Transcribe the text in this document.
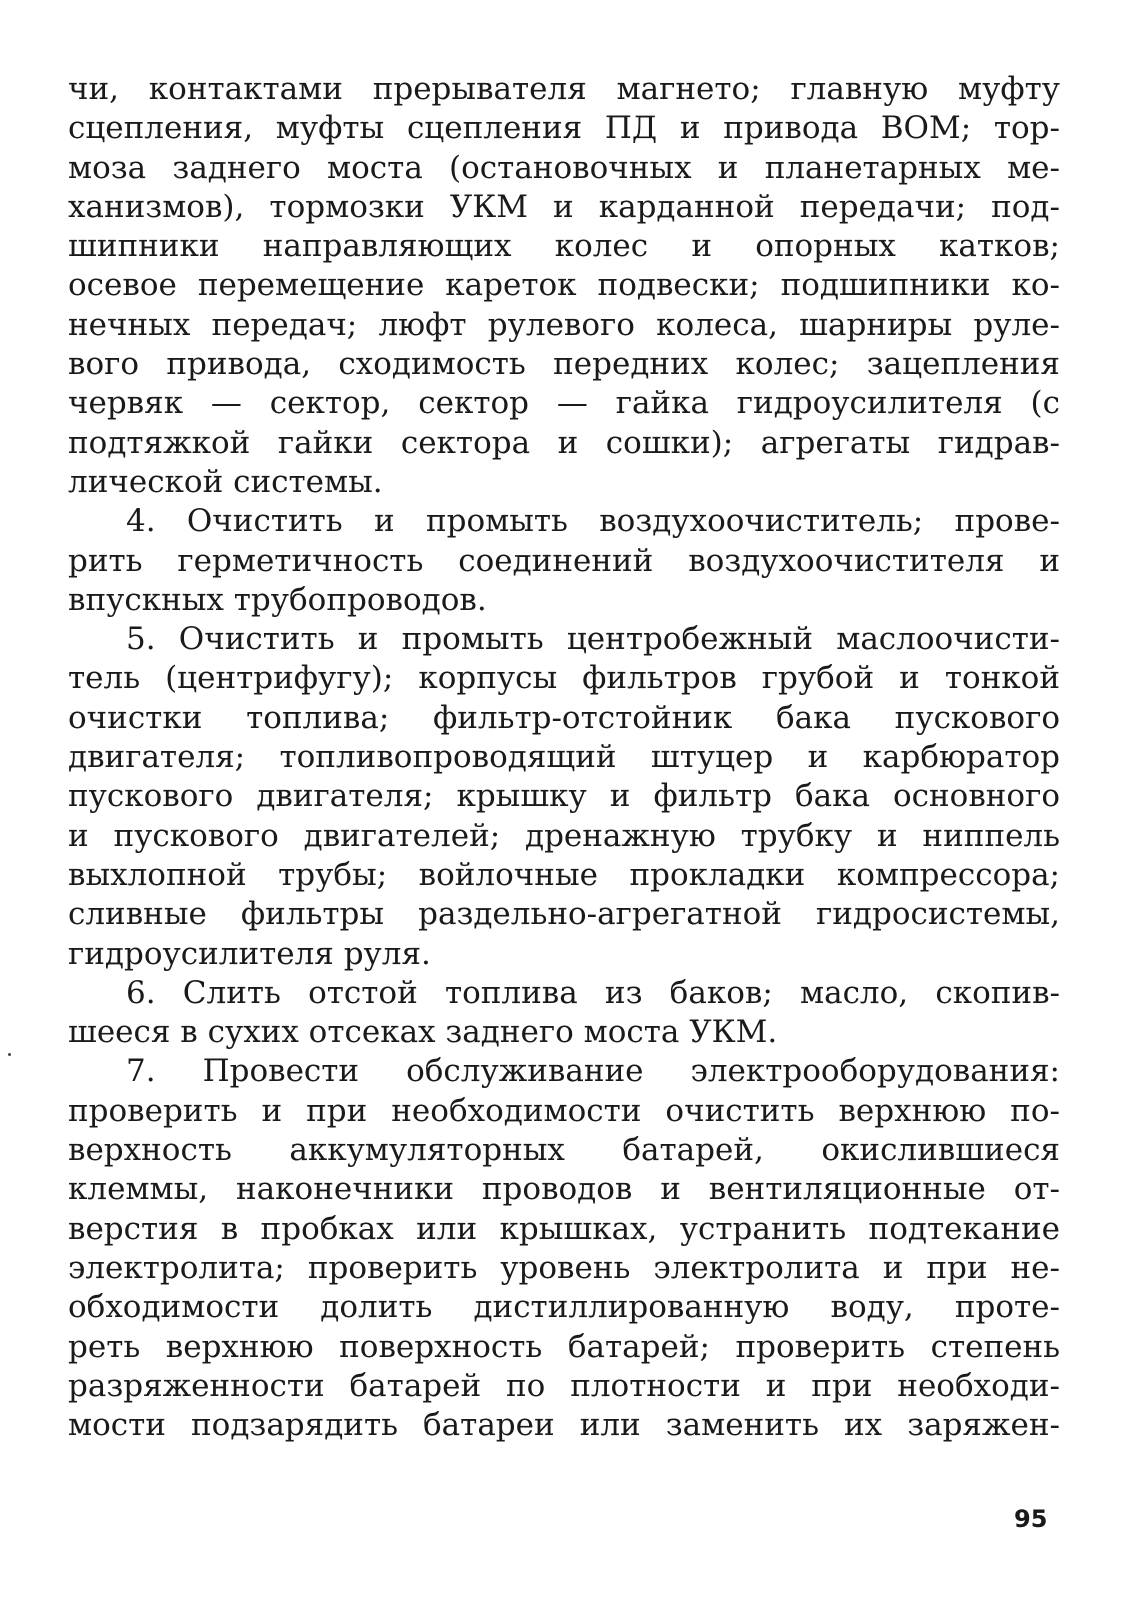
чи, контактами прерывателя магнето; главную муфту
сцепления, муфты сцепления ПД и привода ВОМ; тор-
моза заднего моста (остановочных и планетарных ме-
ханизмов), тормозки УКМ и карданной передачи; под-
шипники направляющих колес и опорных катков;
осевое перемещение кареток подвески; подшипники ко-
нечных передач; люфт рулевого колеса, шарниры руле-
вого привода, сходимость передних колес; зацепления
червяк — сектор, сектор — гайка гидроусилителя (с
подтяжкой гайки сектора и сошки); агрегаты гидрав-
лической системы.
4. Очистить и промыть воздухоочиститель; прове-
рить герметичность соединений воздухоочистителя и
впускных трубопроводов.
5. Очистить и промыть центробежный маслоочисти-
тель (центрифугу); корпусы фильтров грубой и тонкой
очистки топлива; фильтр-отстойник бака пускового
двигателя; топливопроводящий штуцер и карбюратор
пускового двигателя; крышку и фильтр бака основного
и пускового двигателей; дренажную трубку и ниппель
выхлопной трубы; войлочные прокладки компрессора;
сливные фильтры раздельно-агрегатной гидросистемы,
гидроусилителя руля.
6. Слить отстой топлива из баков; масло, скопив-
шееся в сухих отсеках заднего моста УКМ.
7. Провести обслуживание электрооборудования:
проверить и при необходимости очистить верхнюю по-
верхность аккумуляторных батарей, окислившиеся
клеммы, наконечники проводов и вентиляционные от-
верстия в пробках или крышках, устранить подтекание
электролита; проверить уровень электролита и при не-
обходимости долить дистиллированную воду, проте-
реть верхнюю поверхность батарей; проверить степень
разряженности батарей по плотности и при необходи-
мости подзарядить батареи или заменить их заряжен-
95
